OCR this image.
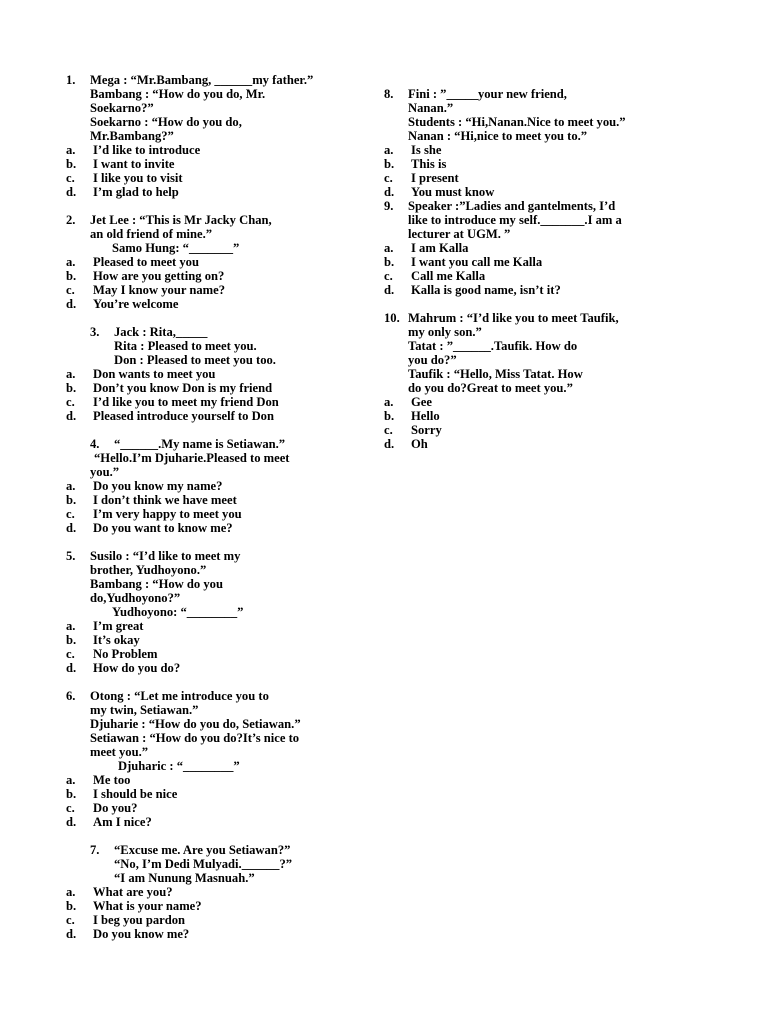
1. Mega : “Mr.Bambang, ______my father.”
Bambang : “How do you do, Mr.
Soekarno?”
Soekarno : “How do you do,
Mr.Bambang?”
a. I’d like to introduce
b. I want to invite
c. I like you to visit
d. I’m glad to help
2. Jet Lee : “This is Mr Jacky Chan,
an old friend of mine.”
Samo Hung: “_______”
a. Pleased to meet you
b. How are you getting on?
c. May I know your name?
d. You’re welcome
3. Jack : Rita,_____
Rita : Pleased to meet you.
Don : Pleased to meet you too.
a. Don wants to meet you
b. Don’t you know Don is my friend
c. I’d like you to meet my friend Don
d. Pleased introduce yourself to Don
4. “______.My name is Setiawan.”
“Hello.I’m Djuharie.Pleased to meet
you.”
a. Do you know my name?
b. I don’t think we have meet
c. I’m very happy to meet you
d. Do you want to know me?
5. Susilo : “I’d like to meet my
brother, Yudhoyono.”
Bambang : “How do you
do,Yudhoyono?”
Yudhoyono: “________”
a. I’m great
b. It’s okay
c. No Problem
d. How do you do?
6. Otong : “Let me introduce you to
my twin, Setiawan.”
Djuharie : “How do you do, Setiawan.”
Setiawan : “How do you do?It’s nice to
meet you.”
Djuharic : “________”
a. Me too
b. I should be nice
c. Do you?
d. Am I nice?
7. “Excuse me. Are you Setiawan?”
“No, I’m Dedi Mulyadi.______?”
“I am Nunung Masnuah.”
a. What are you?
b. What is your name?
c. I beg you pardon
d. Do you know me?
8. Fini : ”_____your new friend,
Nanan.”
Students : “Hi,Nanan.Nice to meet you.”
Nanan : “Hi,nice to meet you to.”
a. Is she
b. This is
c. I present
d. You must know
9. Speaker :”Ladies and gantelments, I’d
like to introduce my self._______.I am a
lecturer at UGM. ”
a. I am Kalla
b. I want you call me Kalla
c. Call me Kalla
d. Kalla is good name, isn’t it?
10. Mahrum : “I’d like you to meet Taufik,
my only son.”
Tatat : ”______.Taufik. How do
you do?”
Taufik : “Hello, Miss Tatat. How
do you do?Great to meet you.”
a. Gee
b. Hello
c. Sorry
d. Oh
